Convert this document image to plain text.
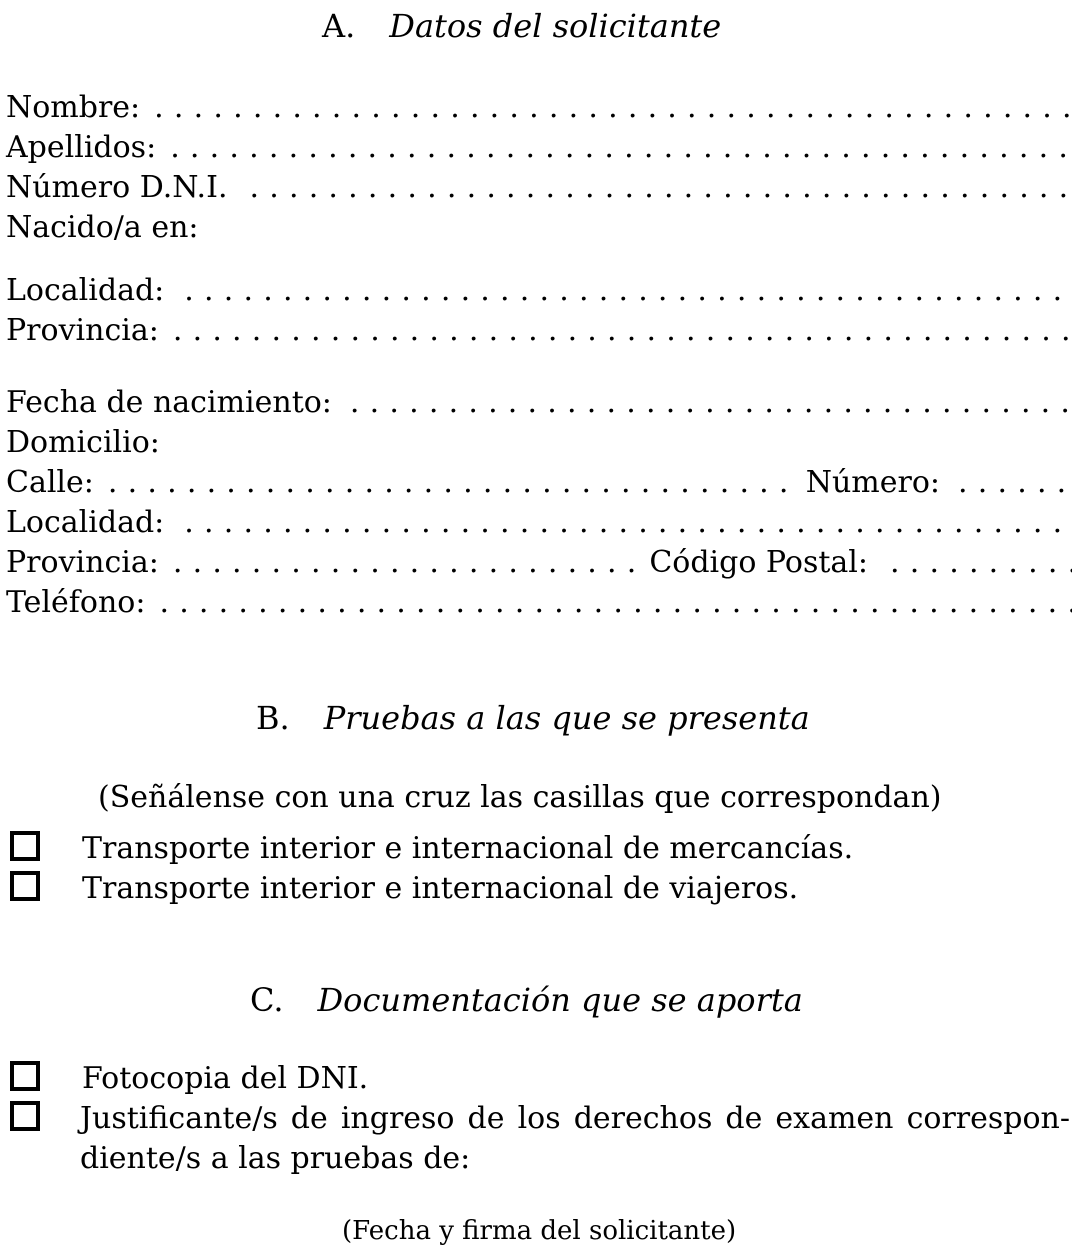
A. Datos del solicitante
Nombre:
.....
Apellidos:
.....
Número D.N.I.
.....
Nacido/a en:
Localidad:
.....
Provincia:
.....
Fecha de nacimiento:
.....
Domicilio:
Calle: .....	Número:
.....
Localidad:
.....
Provincia: .....	Código Postal:
.....
Teléfono:
.....
B. Pruebas a las que se presenta
(Señálense con una cruz las casillas que correspondan)
Transporte interior e internacional de mercancías.
Transporte interior e internacional de viajeros.
C. Documentación que se aporta
Fotocopia del DNI.
Justificante/s de ingreso de los derechos de examen correspon-
diente/s a las pruebas de:
(Fecha y firma del solicitante)
